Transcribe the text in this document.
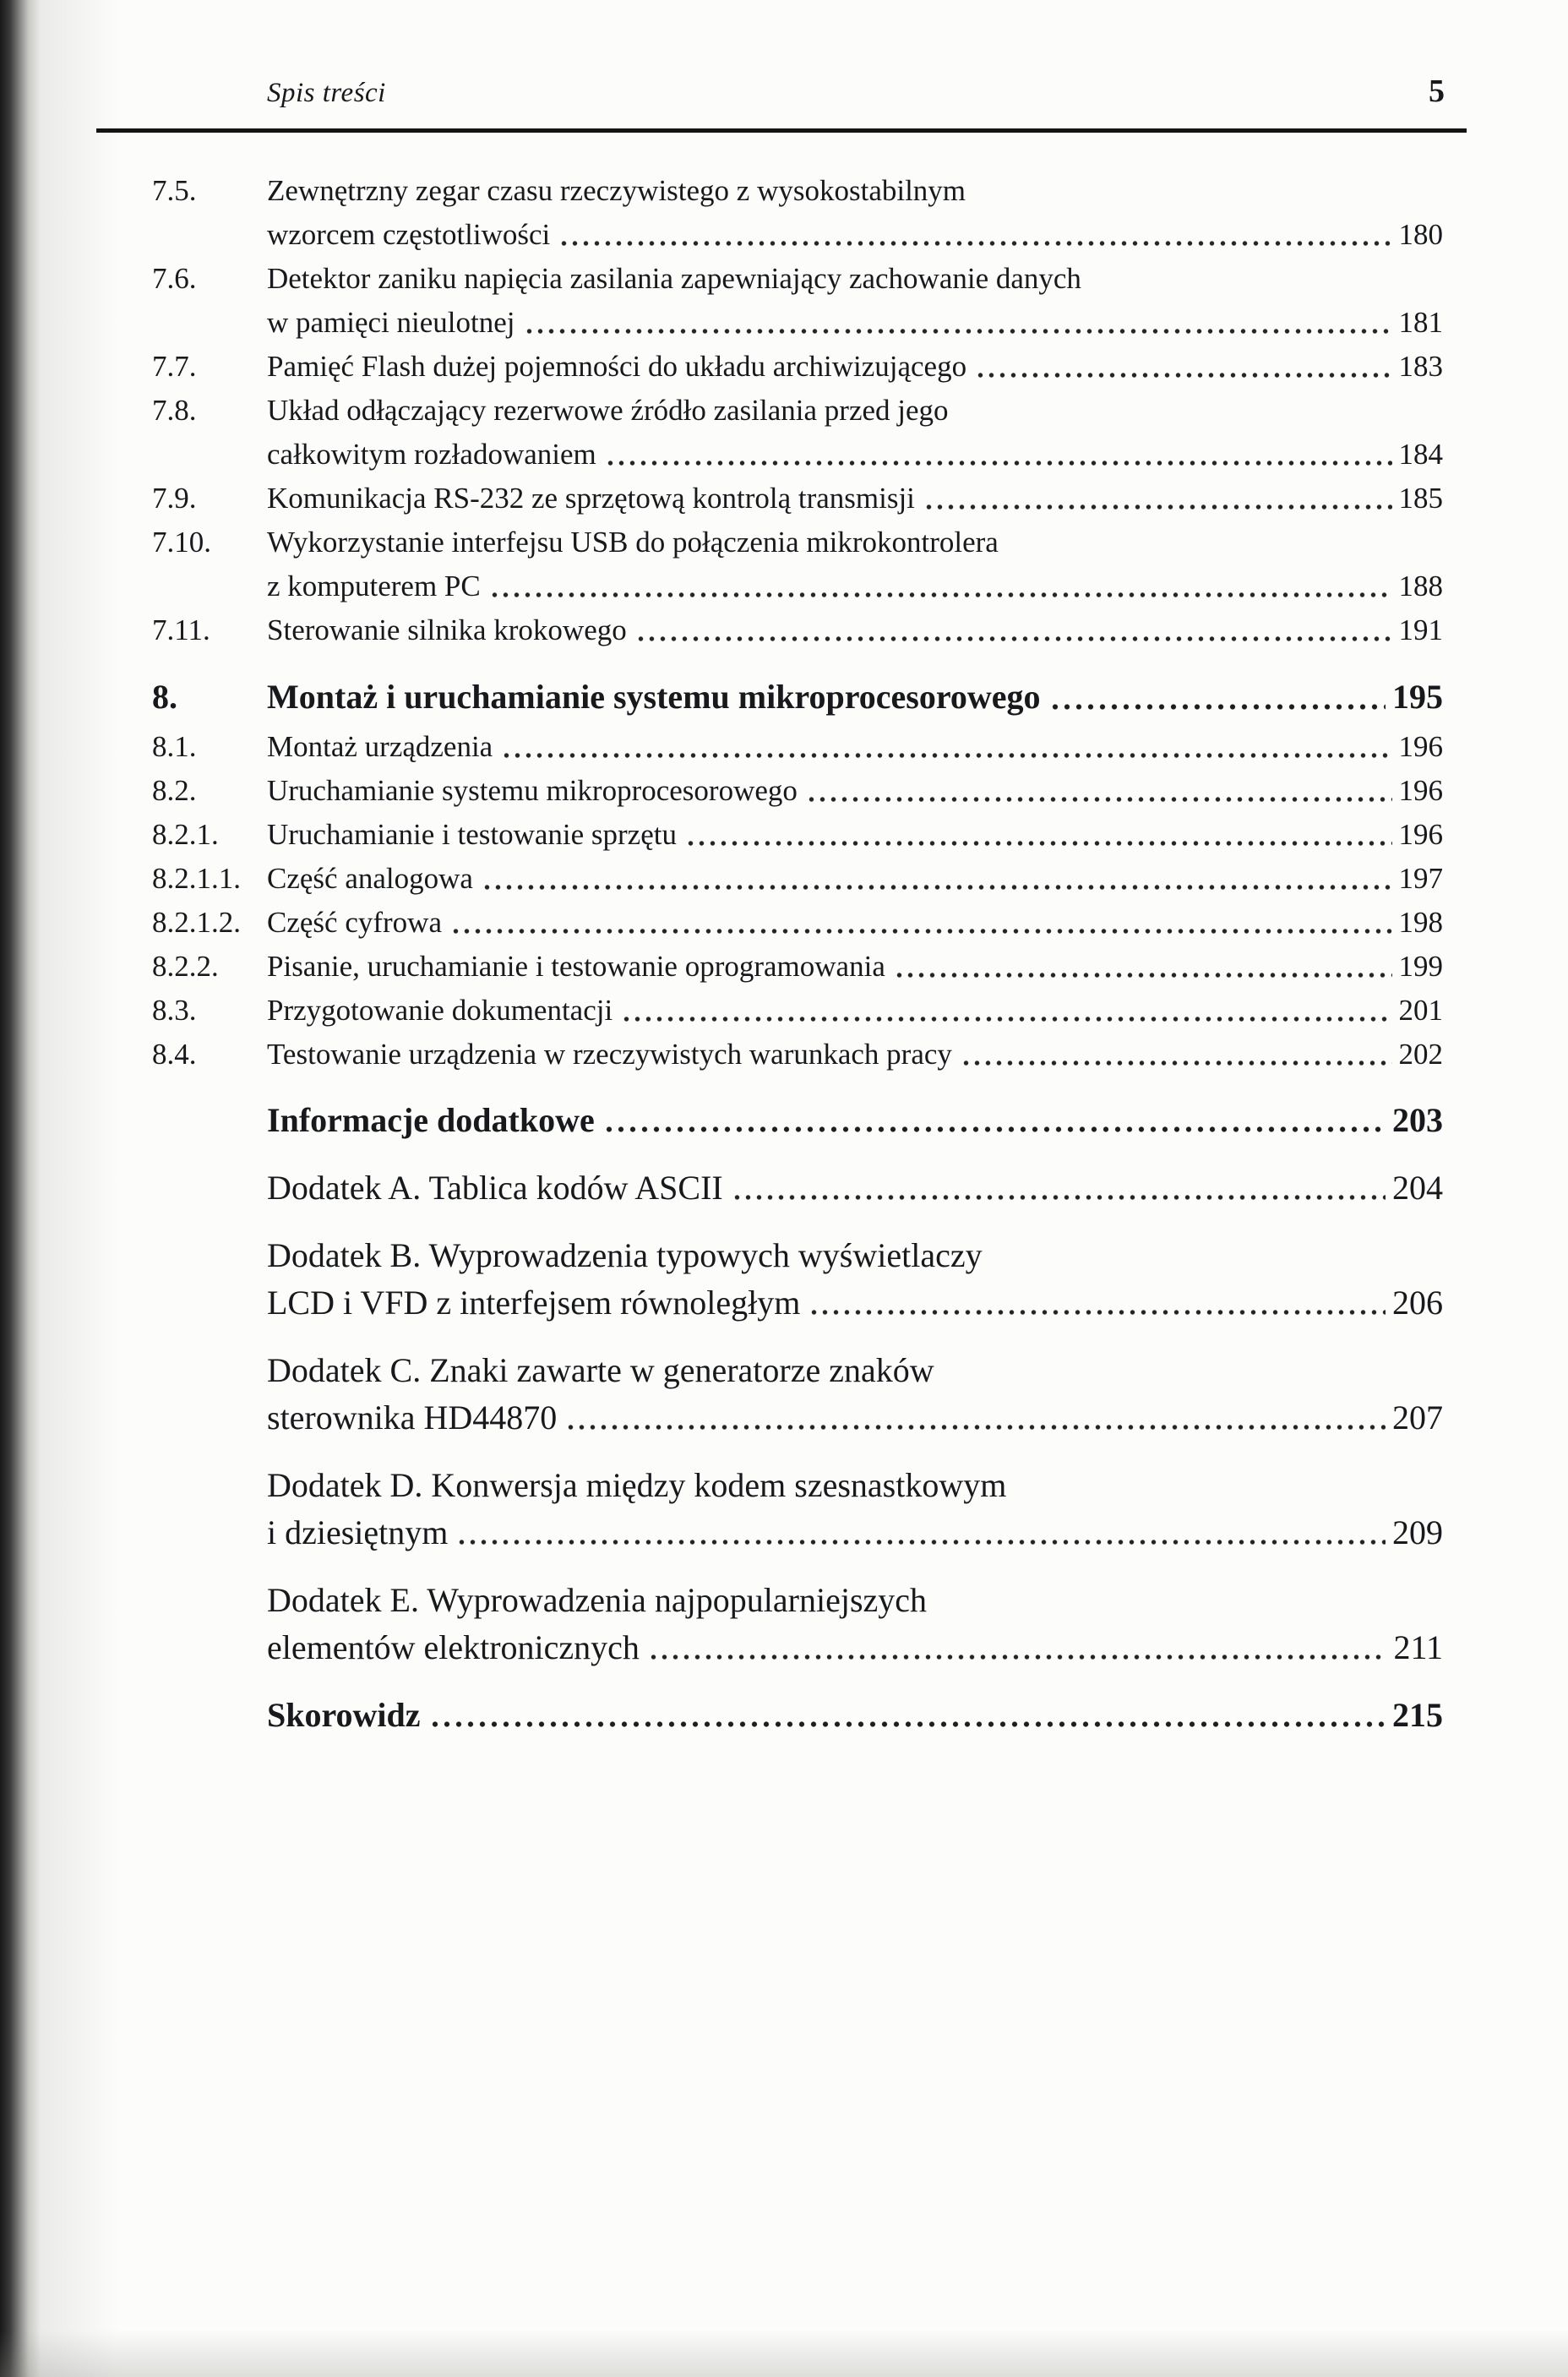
Spis treści	5
7.5.	Zewnętrzny zegar czasu rzeczywistego z wysokostabilnym
wzorcem częstotliwości	180
7.6.	Detektor zaniku napięcia zasilania zapewniający zachowanie danych
w pamięci nieulotnej	181
7.7.	Pamięć Flash dużej pojemności do układu archiwizującego	183
7.8.	Układ odłączający rezerwowe źródło zasilania przed jego
całkowitym rozładowaniem	184
7.9.	Komunikacja RS-232 ze sprzętową kontrolą transmisji	185
7.10.	Wykorzystanie interfejsu USB do połączenia mikrokontrolera
z komputerem PC	188
7.11.	Sterowanie silnika krokowego	191
8.	Montaż i uruchamianie systemu mikroprocesorowego	195
8.1.	Montaż urządzenia	196
8.2.	Uruchamianie systemu mikroprocesorowego	196
8.2.1.	Uruchamianie i testowanie sprzętu	196
8.2.1.1. Część analogowa	197
8.2.1.2. Część cyfrowa	198
8.2.2.	Pisanie, uruchamianie i testowanie oprogramowania	199
8.3.	Przygotowanie dokumentacji	201
8.4.	Testowanie urządzenia w rzeczywistych warunkach pracy	202
Informacje dodatkowe	203
Dodatek A. Tablica kodów ASCII	204
Dodatek B. Wyprowadzenia typowych wyświetlaczy
LCD i VFD z interfejsem równoległym	206
Dodatek C. Znaki zawarte w generatorze znaków
sterownika HD44870	207
Dodatek D. Konwersja między kodem szesnastkowym
i dziesiętnym	209
Dodatek E. Wyprowadzenia najpopularniejszych
elementów elektronicznych	211
Skorowidz	215
